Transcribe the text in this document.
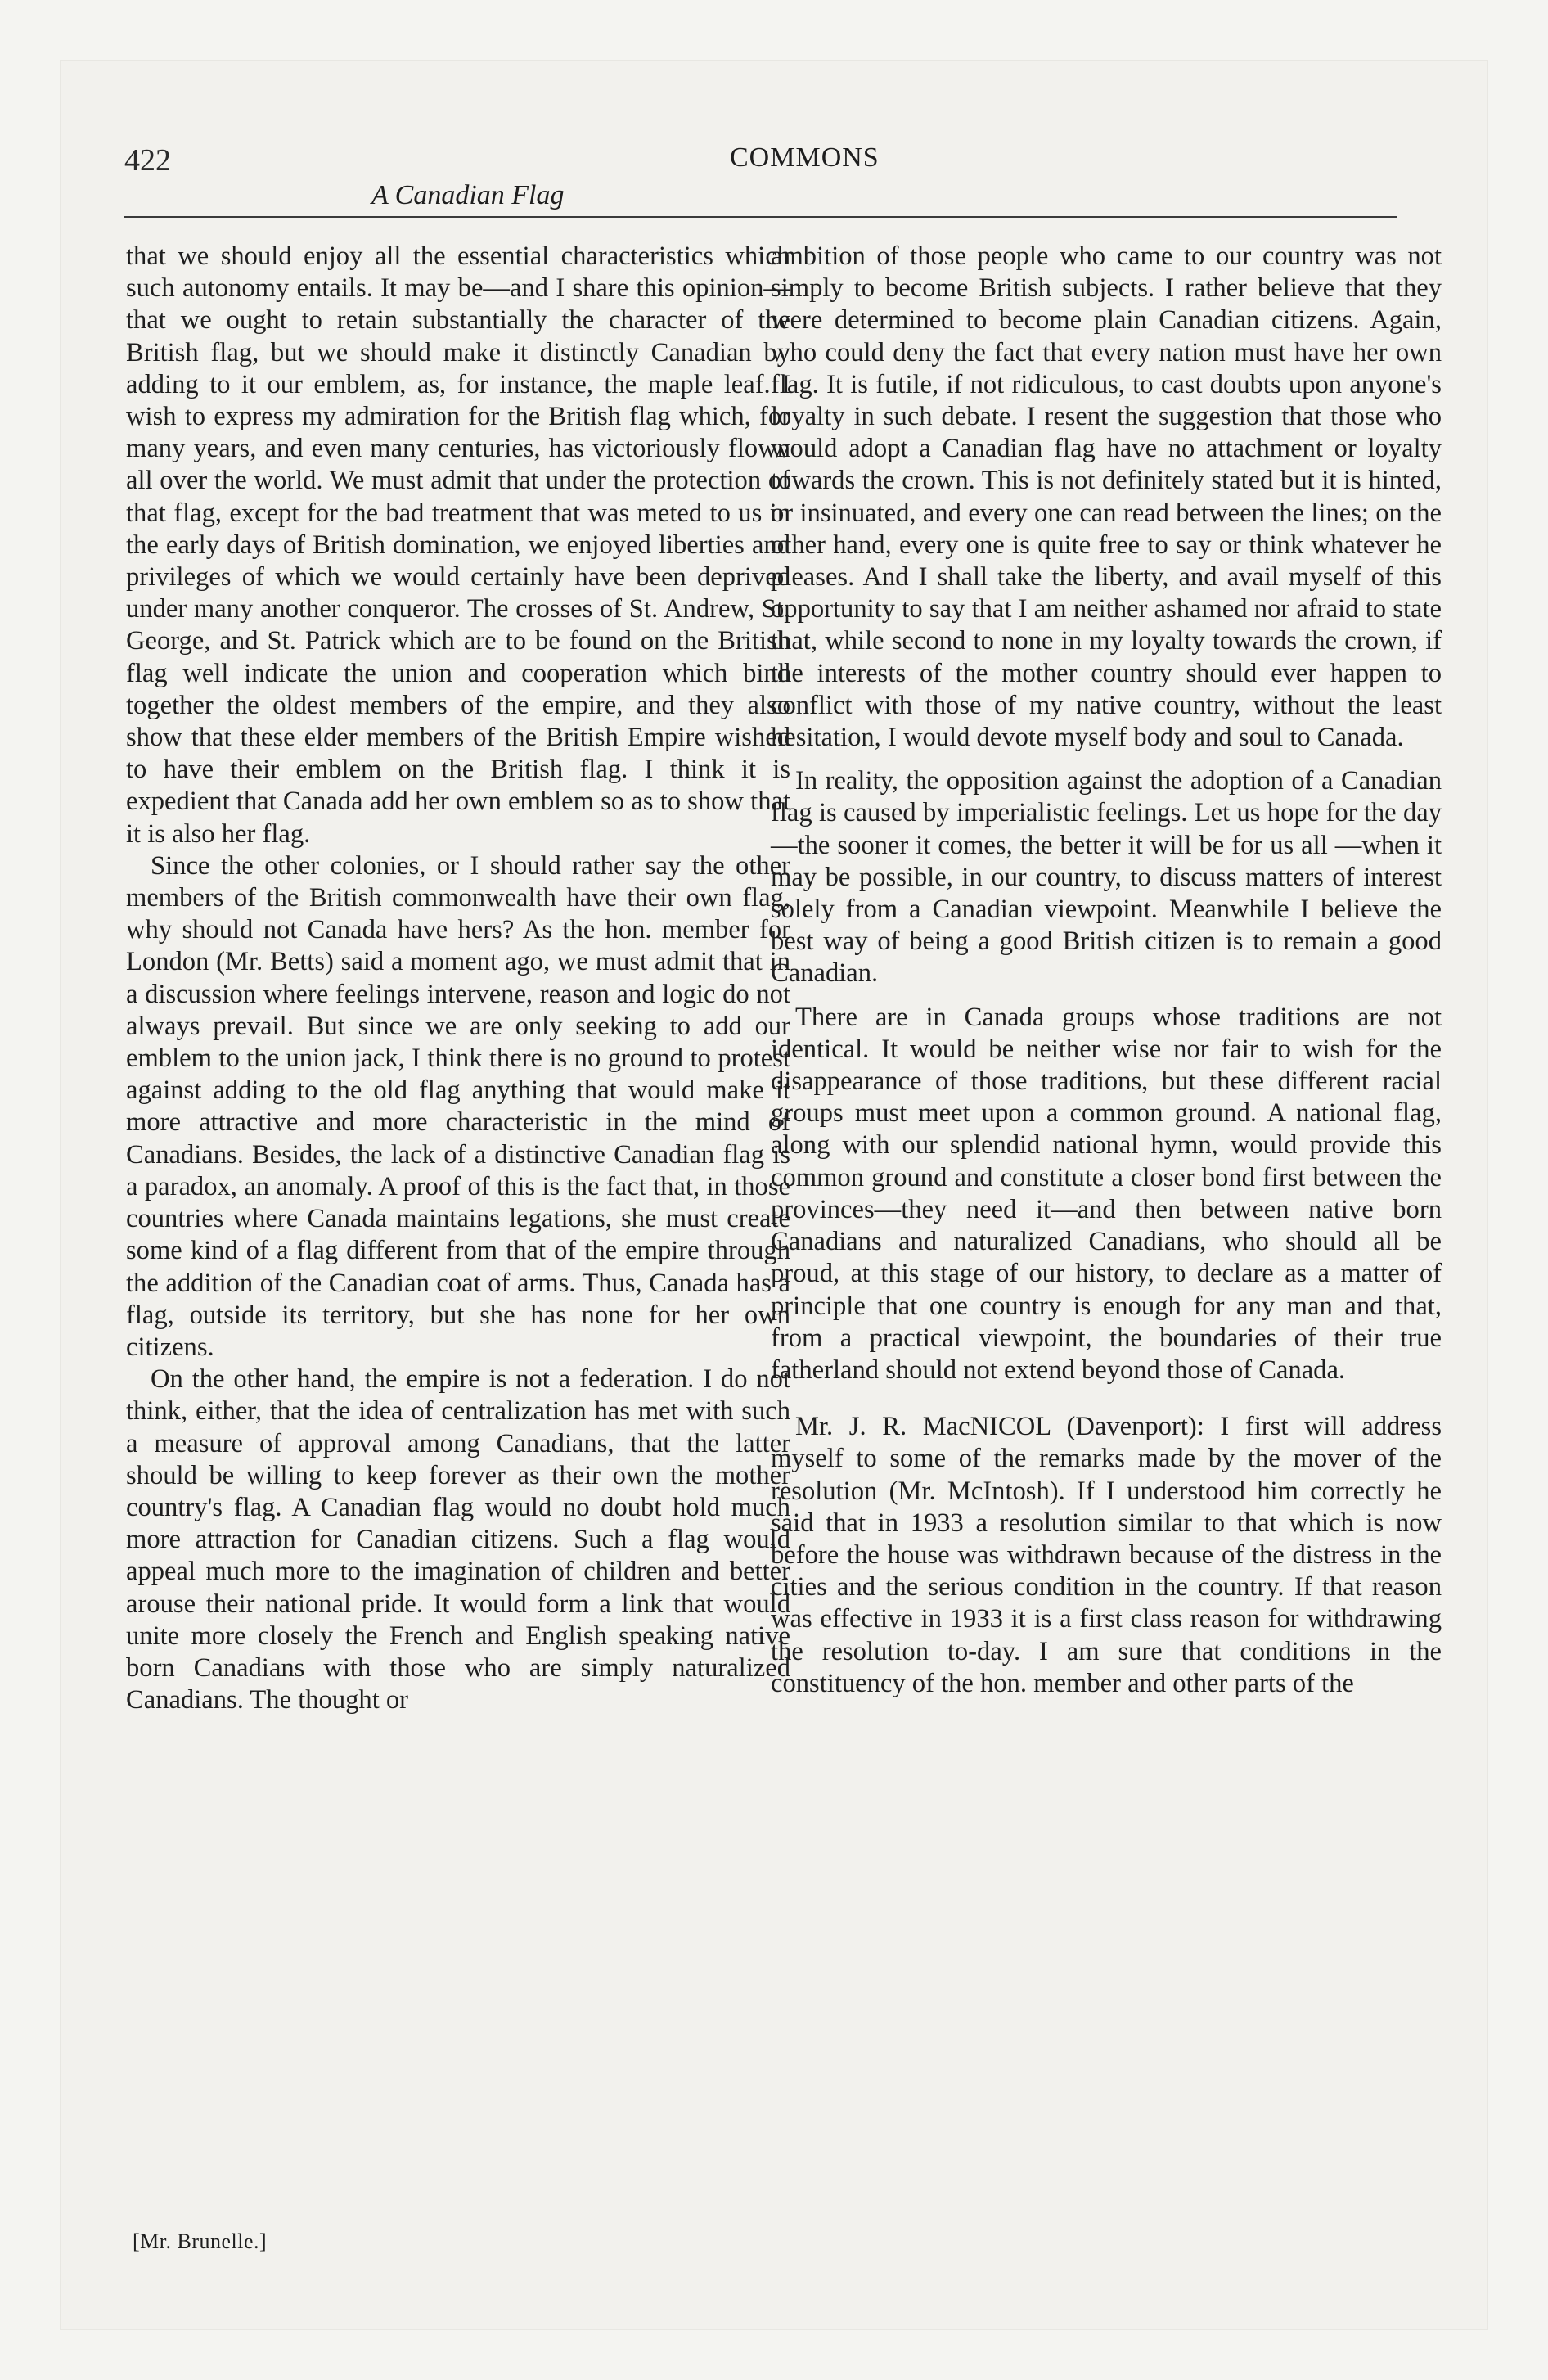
422	COMMONS
A Canadian Flag

that we should enjoy all the essential characteristics which such autonomy entails. It may be—and I share this opinion—that we ought to retain substantially the character of the British flag, but we should make it distinctly Canadian by adding to it our emblem, as, for instance, the maple leaf. I wish to express my admiration for the British flag which, for many years, and even many centuries, has victoriously flown all over the world. We must admit that under the protection of that flag, except for the bad treatment that was meted to us in the early days of British domination, we enjoyed liberties and privileges of which we would certainly have been deprived under many another conqueror. The crosses of St. Andrew, St. George, and St. Patrick which are to be found on the British flag well indicate the union and cooperation which bind together the oldest members of the empire, and they also show that these elder members of the British Empire wished to have their emblem on the British flag. I think it is expedient that Canada add her own emblem so as to show that it is also her flag.

Since the other colonies, or I should rather say the other members of the British commonwealth have their own flag, why should not Canada have hers? As the hon. member for London (Mr. Betts) said a moment ago, we must admit that in a discussion where feelings intervene, reason and logic do not always prevail. But since we are only seeking to add our emblem to the union jack, I think there is no ground to protest against adding to the old flag anything that would make it more attractive and more characteristic in the mind of Canadians. Besides, the lack of a distinctive Canadian flag is a paradox, an anomaly. A proof of this is the fact that, in those countries where Canada maintains legations, she must create some kind of a flag different from that of the empire through the addition of the Canadian coat of arms. Thus, Canada has a flag, outside its territory, but she has none for her own citizens.

On the other hand, the empire is not a federation. I do not think, either, that the idea of centralization has met with such a measure of approval among Canadians, that the latter should be willing to keep forever as their own the mother country's flag. A Canadian flag would no doubt hold much more attraction for Canadian citizens. Such a flag would appeal much more to the imagination of children and better arouse their national pride. It would form a link that would unite more closely the French and English speaking native born Canadians with those who are simply naturalized Canadians. The thought or

ambition of those people who came to our country was not simply to become British subjects. I rather believe that they were determined to become plain Canadian citizens. Again, who could deny the fact that every nation must have her own flag. It is futile, if not ridiculous, to cast doubts upon anyone's loyalty in such debate. I resent the suggestion that those who would adopt a Canadian flag have no attachment or loyalty towards the crown. This is not definitely stated but it is hinted, or insinuated, and every one can read between the lines; on the other hand, every one is quite free to say or think whatever he pleases. And I shall take the liberty, and avail myself of this opportunity to say that I am neither ashamed nor afraid to state that, while second to none in my loyalty towards the crown, if the interests of the mother country should ever happen to conflict with those of my native country, without the least hesitation, I would devote myself body and soul to Canada.

In reality, the opposition against the adoption of a Canadian flag is caused by imperialistic feelings. Let us hope for the day—the sooner it comes, the better it will be for us all —when it may be possible, in our country, to discuss matters of interest solely from a Canadian viewpoint. Meanwhile I believe the best way of being a good British citizen is to remain a good Canadian.

There are in Canada groups whose traditions are not identical. It would be neither wise nor fair to wish for the disappearance of those traditions, but these different racial groups must meet upon a common ground. A national flag, along with our splendid national hymn, would provide this common ground and constitute a closer bond first between the provinces—they need it—and then between native born Canadians and naturalized Canadians, who should all be proud, at this stage of our history, to declare as a matter of principle that one country is enough for any man and that, from a practical viewpoint, the boundaries of their true fatherland should not extend beyond those of Canada.

Mr. J. R. MacNICOL (Davenport): I first will address myself to some of the remarks made by the mover of the resolution (Mr. McIntosh). If I understood him correctly he said that in 1933 a resolution similar to that which is now before the house was withdrawn because of the distress in the cities and the serious condition in the country. If that reason was effective in 1933 it is a first class reason for withdrawing the resolution to-day. I am sure that conditions in the constituency of the hon. member and other parts of the

[Mr. Brunelle.]
